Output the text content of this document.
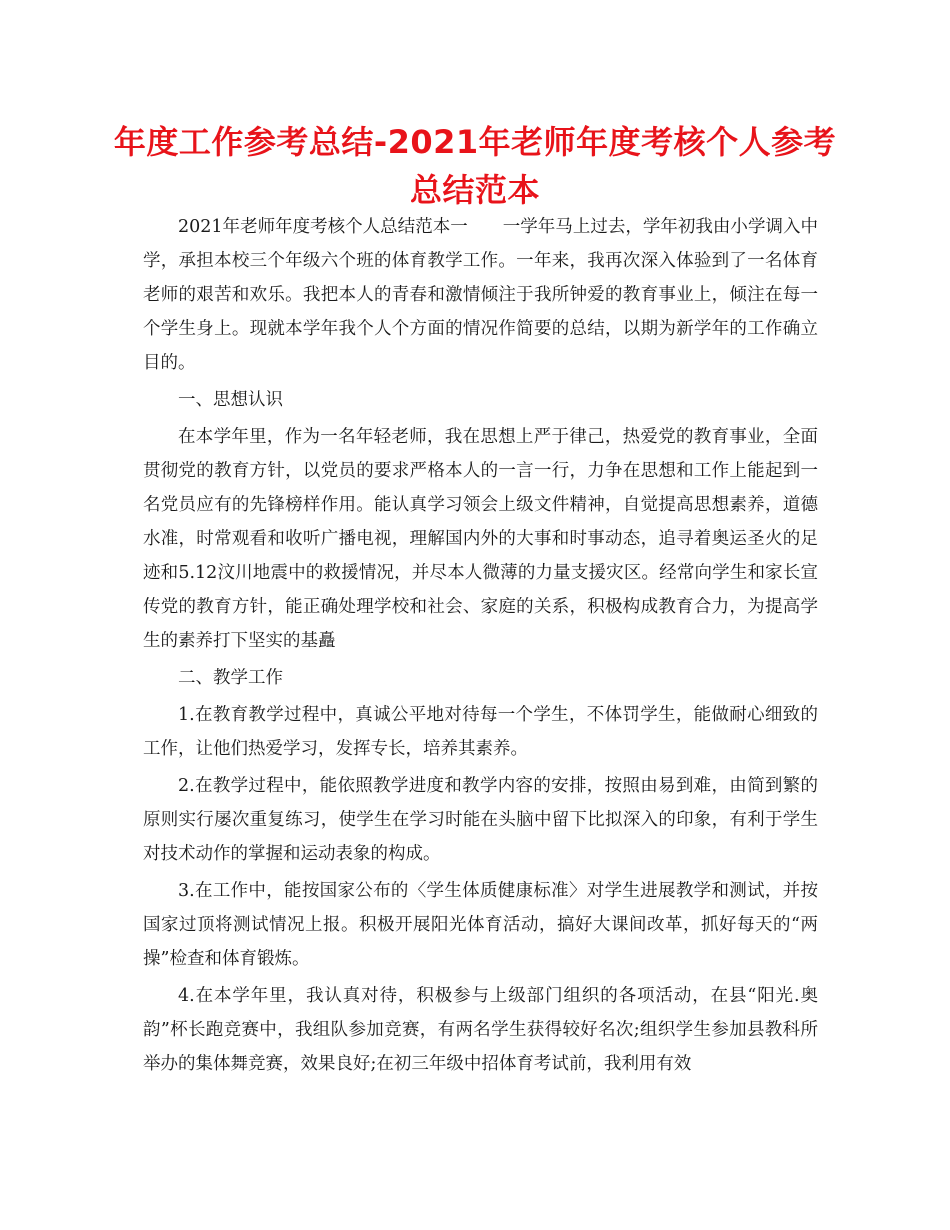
年度工作参考总结-2021年老师年度考核个人参考总结范本

2021年老师年度考核个人总结范本一　　一学年马上过去，学年初我由小学调入中学，承担本校三个年级六个班的体育教学工作。一年来，我再次深入体验到了一名体育老师的艰苦和欢乐。我把本人的青春和激情倾注于我所钟爱的教育事业上，倾注在每一个学生身上。现就本学年我个人个方面的情况作简要的总结，以期为新学年的工作确立目的。

一、思想认识

在本学年里，作为一名年轻老师，我在思想上严于律己，热爱党的教育事业，全面贯彻党的教育方针，以党员的要求严格本人的一言一行，力争在思想和工作上能起到一名党员应有的先锋榜样作用。能认真学习领会上级文件精神，自觉提高思想素养，道德水准，时常观看和收听广播电视，理解国内外的大事和时事动态，追寻着奥运圣火的足迹和5.12汶川地震中的救援情况，并尽本人微薄的力量支援灾区。经常向学生和家长宣传党的教育方针，能正确处理学校和社会、家庭的关系，积极构成教育合力，为提高学生的素养打下坚实的基矗

二、教学工作

1.在教育教学过程中，真诚公平地对待每一个学生，不体罚学生，能做耐心细致的工作，让他们热爱学习，发挥专长，培养其素养。

2.在教学过程中，能依照教学进度和教学内容的安排，按照由易到难，由简到繁的原则实行屡次重复练习，使学生在学习时能在头脑中留下比拟深入的印象，有利于学生对技术动作的掌握和运动表象的构成。

3.在工作中，能按国家公布的〈学生体质健康标准〉对学生进展教学和测试，并按国家过顶将测试情况上报。积极开展阳光体育活动，搞好大课间改革，抓好每天的“两操”检查和体育锻炼。

4.在本学年里，我认真对待，积极参与上级部门组织的各项活动，在县“阳光.奥韵”杯长跑竞赛中，我组队参加竞赛，有两名学生获得较好名次;组织学生参加县教科所举办的集体舞竞赛，效果良好;在初三年级中招体育考试前，我利用有效
